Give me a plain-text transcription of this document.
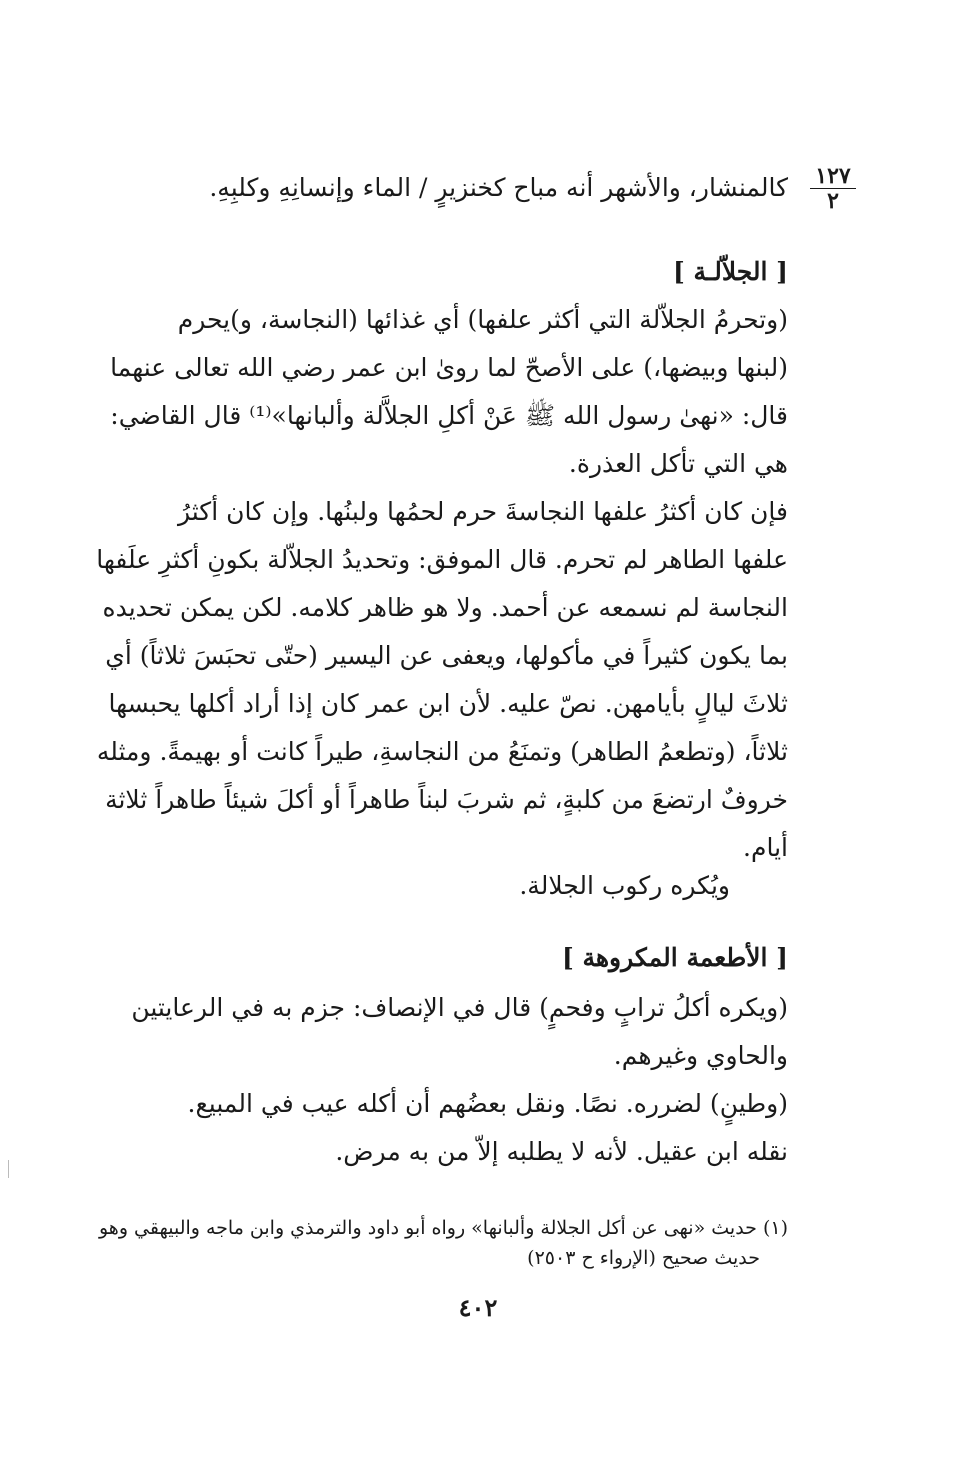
١٢٧
٢
كالمنشار، والأشهر أنه مباح كخنزيرٍ / الماء وإنسانِهِ وكلبِهِ.
[ الجلاّلـة ]
(وتحرمُ الجلاّلة التي أكثر علفها) أي غذائها (النجاسة، و)يحرم
(لبنها وبيضها،) على الأصحّ لما روىٰ ابن عمر رضي الله تعالى عنهما
قال: «نهىٰ رسول الله ﷺ عَنْ أكلِ الجلاَّلة وألبانها»⁽¹⁾ قال القاضي:
هي التي تأكل العذرة.
فإن كان أكثرُ علفها النجاسةَ حرم لحمُها ولبنُها. وإن كان أكثرُ
علفها الطاهر لم تحرم. قال الموفق: وتحديدُ الجلاّلة بكونِ أكثرِ علَفها
النجاسة لم نسمعه عن أحمد. ولا هو ظاهر كلامه. لكن يمكن تحديده
بما يكون كثيراً في مأكولها، ويعفى عن اليسير (حتّى تحبَسَ ثلاثاً) أي
ثلاثَ ليالٍ بأيامهن. نصّ عليه. لأن ابن عمر كان إذا أراد أكلها يحبسها
ثلاثاً، (وتطعمُ الطاهر) وتمنَعُ من النجاسةِ، طيراً كانت أو بهيمةً. ومثله
خروفٌ ارتضعَ من كلبةٍ، ثم شربَ لبناً طاهراً أو أكلَ شيئاً طاهراً ثلاثة
أيام.
ويُكره ركوب الجلالة.
[ الأطعمة المكروهة ]
(ويكره أكلُ ترابٍ وفحمٍ) قال في الإنصاف: جزم به في الرعايتين
والحاوي وغيرهم.
(وطينٍ) لضرره. نصًا. ونقل بعضُهم أن أكله عيب في المبيع.
نقله ابن عقيل. لأنه لا يطلبه إلاّ من به مرض.
(١) حديث «نهى عن أكل الجلالة وألبانها» رواه أبو داود والترمذي وابن ماجه والبيهقي وهو
حديث صحيح (الإرواء ح ٢٥٠٣)
٤٠٢
